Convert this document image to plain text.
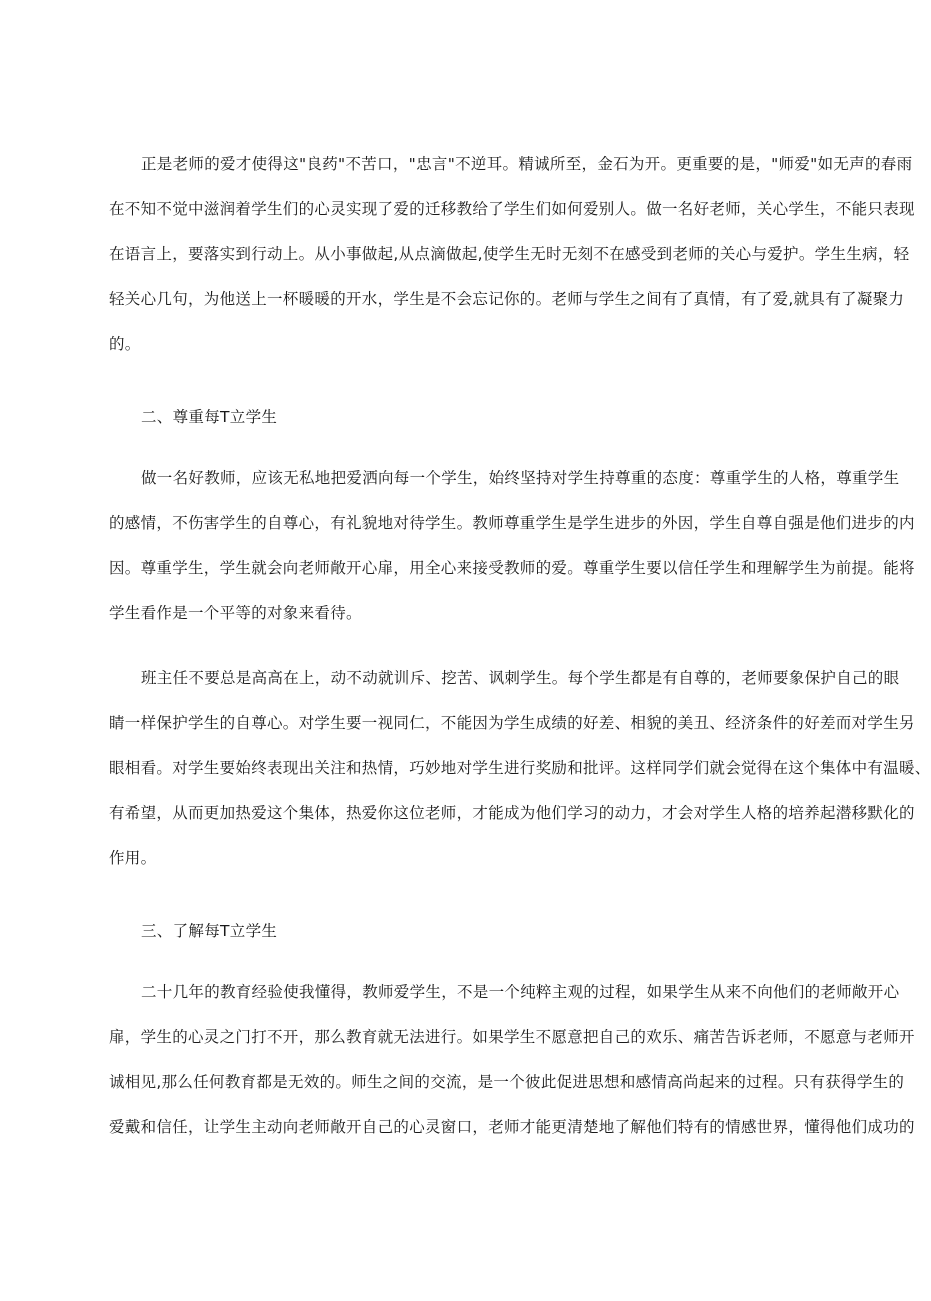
正是老师的爱才使得这"良药"不苦口，"忠言"不逆耳。精诚所至，金石为开。更重要的是，"师爱"如无声的春雨
在不知不觉中滋润着学生们的心灵实现了爱的迁移教给了学生们如何爱别人。做一名好老师，关心学生，不能只表现
在语言上，要落实到行动上。从小事做起,从点滴做起,使学生无时无刻不在感受到老师的关心与爱护。学生生病，轻
轻关心几句，为他送上一杯暖暖的开水，学生是不会忘记你的。老师与学生之间有了真情，有了爱,就具有了凝聚力
的。
二、尊重每T立学生
做一名好教师，应该无私地把爱洒向每一个学生，始终坚持对学生持尊重的态度：尊重学生的人格，尊重学生
的感情，不伤害学生的自尊心，有礼貌地对待学生。教师尊重学生是学生进步的外因，学生自尊自强是他们进步的内
因。尊重学生，学生就会向老师敞开心扉，用全心来接受教师的爱。尊重学生要以信任学生和理解学生为前提。能将
学生看作是一个平等的对象来看待。
班主任不要总是高高在上，动不动就训斥、挖苦、讽刺学生。每个学生都是有自尊的，老师要象保护自己的眼
睛一样保护学生的自尊心。对学生要一视同仁，不能因为学生成绩的好差、相貌的美丑、经济条件的好差而对学生另
眼相看。对学生要始终表现出关注和热情，巧妙地对学生进行奖励和批评。这样同学们就会觉得在这个集体中有温暖、
有希望，从而更加热爱这个集体，热爱你这位老师，才能成为他们学习的动力，才会对学生人格的培养起潜移默化的
作用。
三、了解每T立学生
二十几年的教育经验使我懂得，教师爱学生，不是一个纯粹主观的过程，如果学生从来不向他们的老师敞开心
扉，学生的心灵之门打不开，那么教育就无法进行。如果学生不愿意把自己的欢乐、痛苦告诉老师，不愿意与老师开
诚相见,那么任何教育都是无效的。师生之间的交流，是一个彼此促进思想和感情高尚起来的过程。只有获得学生的
爱戴和信任，让学生主动向老师敞开自己的心灵窗口，老师才能更清楚地了解他们特有的情感世界，懂得他们成功的
